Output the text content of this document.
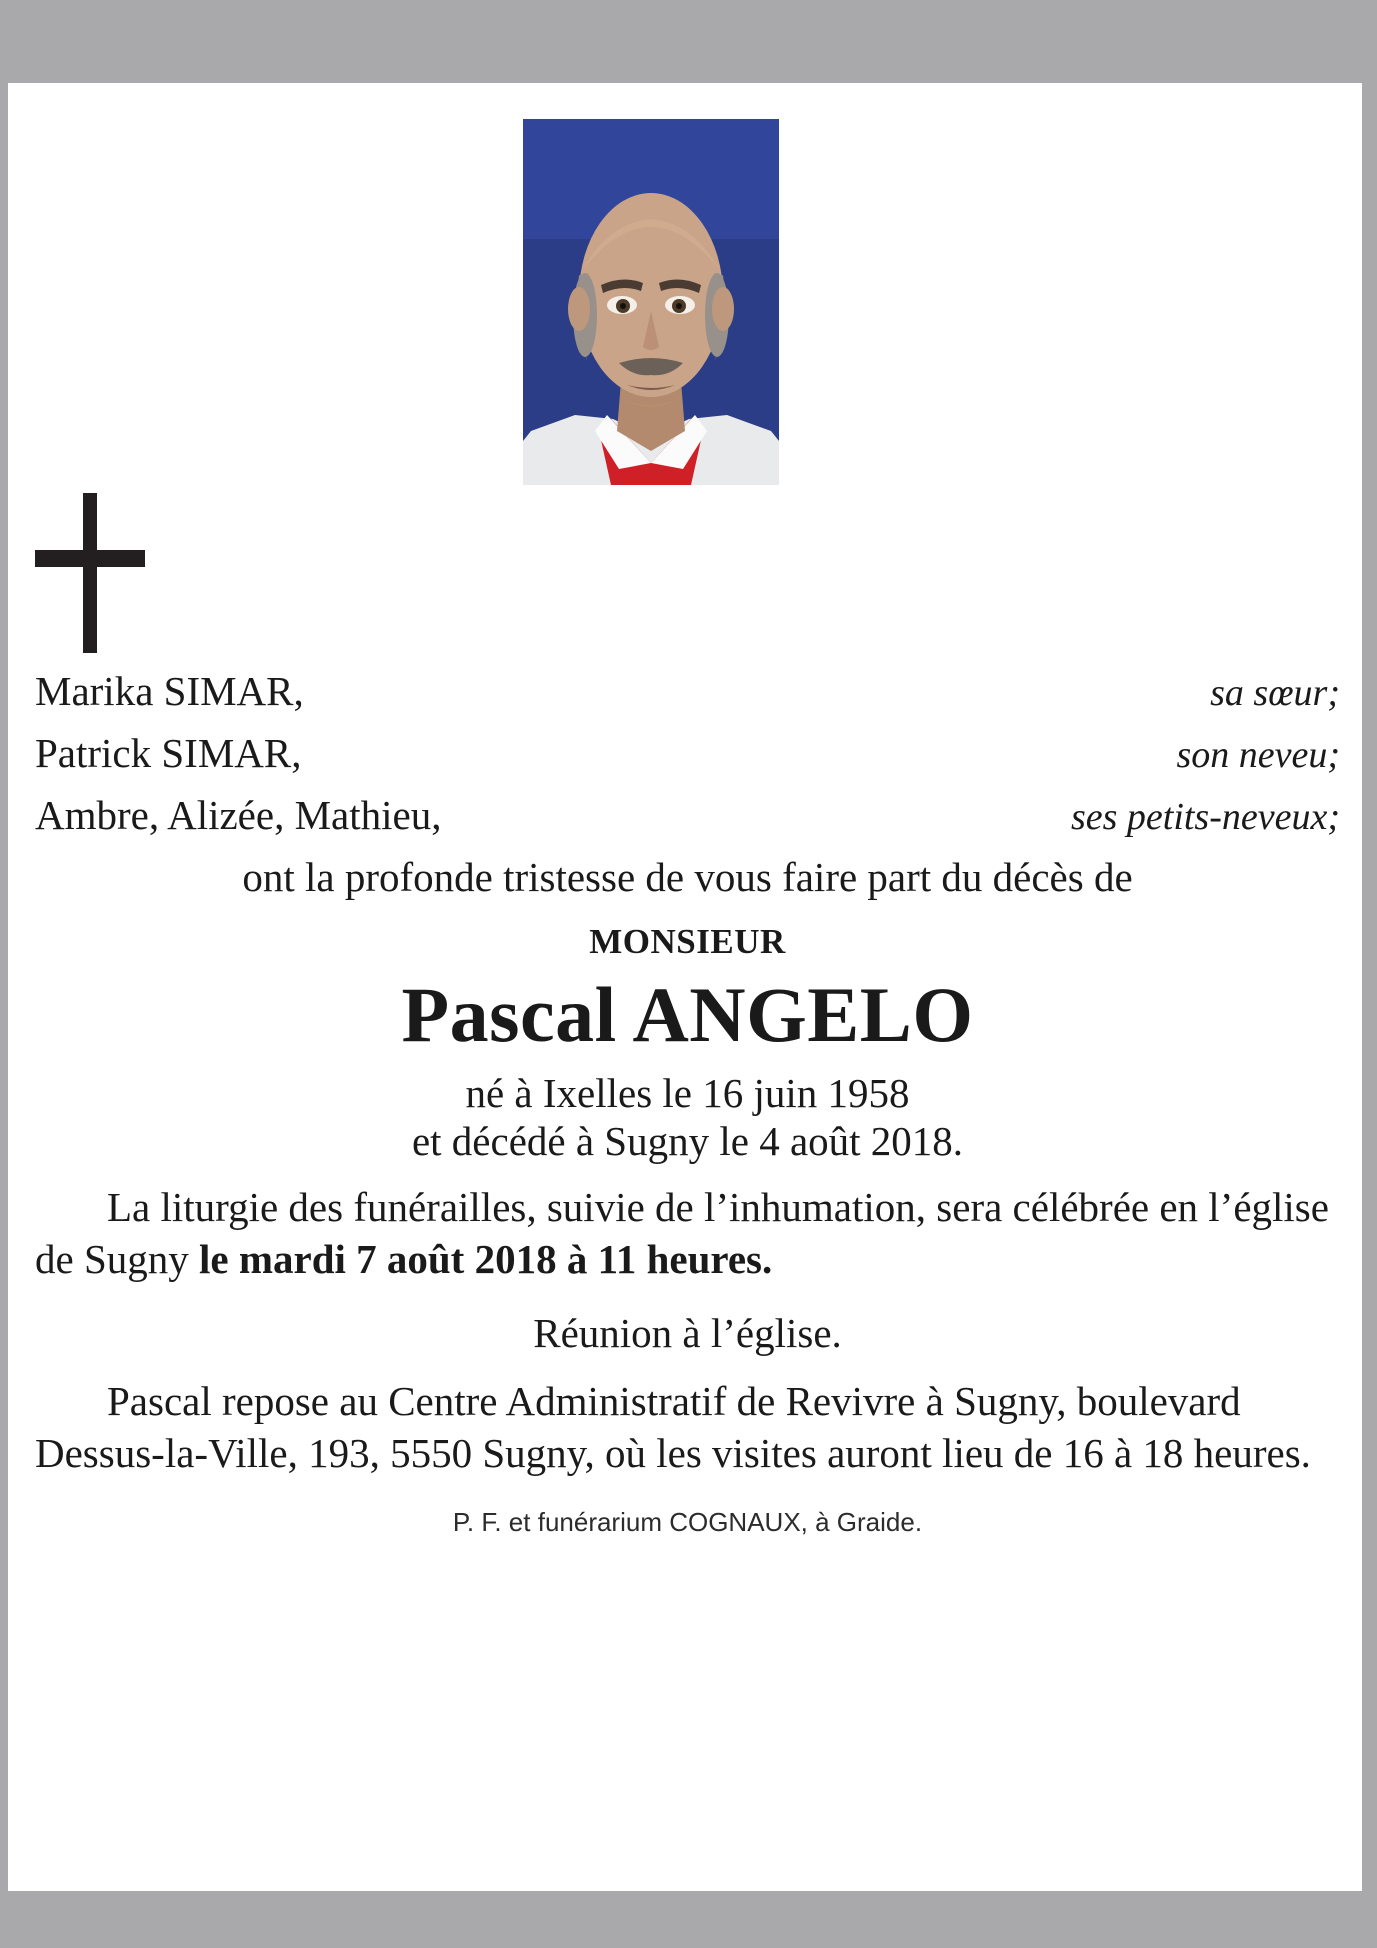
Marika SIMAR,	sa sœur;
Patrick SIMAR,	son neveu;
Ambre, Alizée, Mathieu,	ses petits-neveux;
ont la profonde tristesse de vous faire part du décès de
MONSIEUR
Pascal ANGELO
né à Ixelles le 16 juin 1958
et décédé à Sugny le 4 août 2018.
La liturgie des funérailles, suivie de l’inhumation, sera célébrée en l’église de Sugny le mardi 7 août 2018 à 11 heures.
Réunion à l’église.
Pascal repose au Centre Administratif de Revivre à Sugny, boulevard Dessus-la-Ville, 193, 5550 Sugny, où les visites auront lieu de 16 à 18 heures.
P. F. et funérarium COGNAUX, à Graide.
